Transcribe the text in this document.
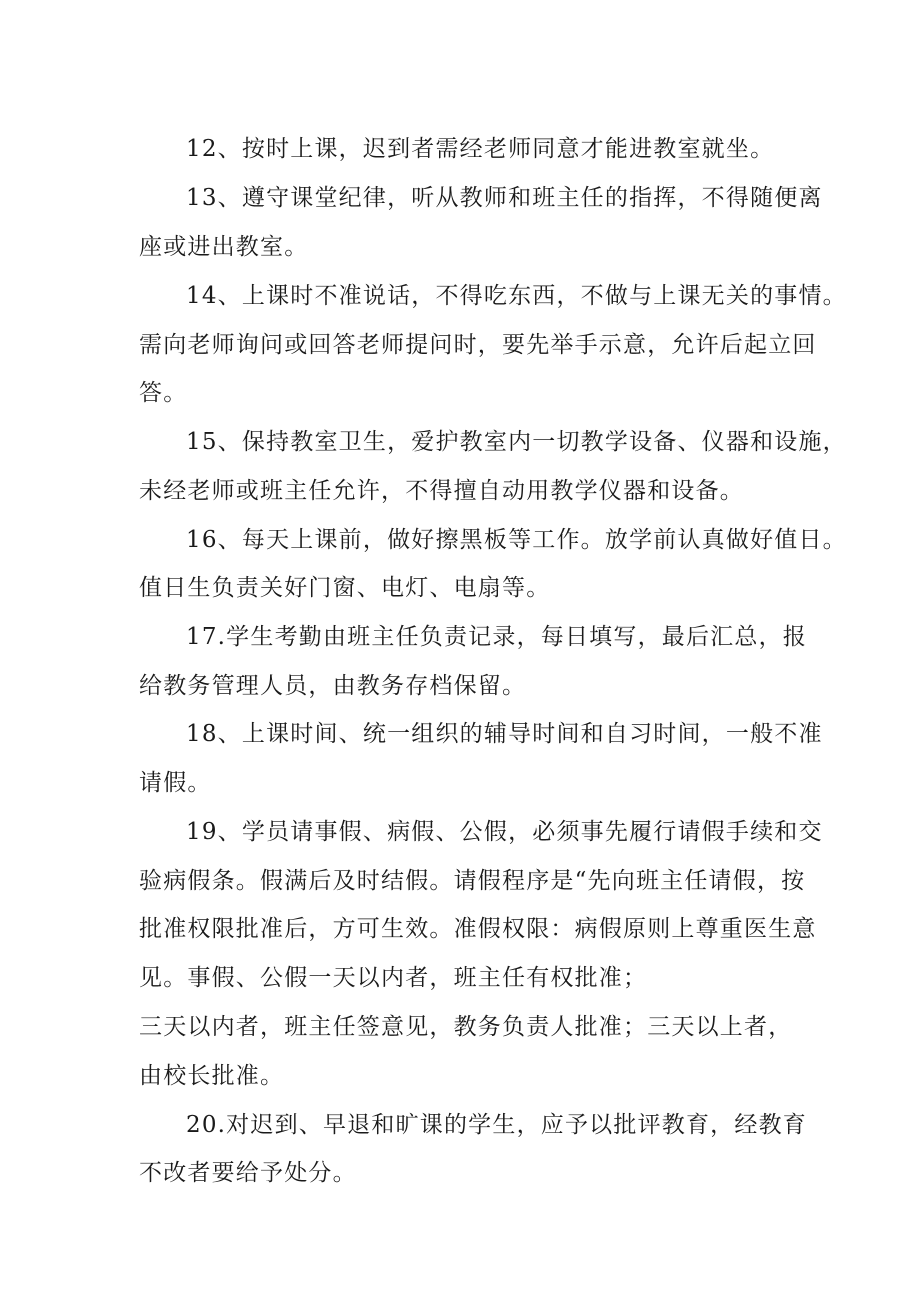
12、按时上课，迟到者需经老师同意才能进教室就坐。
13、遵守课堂纪律，听从教师和班主任的指挥，不得随便离
座或进出教室。
14、上课时不准说话，不得吃东西，不做与上课无关的事情。
需向老师询问或回答老师提问时，要先举手示意，允许后起立回
答。
15、保持教室卫生，爱护教室内一切教学设备、仪器和设施，
未经老师或班主任允许，不得擅自动用教学仪器和设备。
16、每天上课前，做好擦黑板等工作。放学前认真做好值日。
值日生负责关好门窗、电灯、电扇等。
17.学生考勤由班主任负责记录，每日填写，最后汇总，报
给教务管理人员，由教务存档保留。
18、上课时间、统一组织的辅导时间和自习时间，一般不准
请假。
19、学员请事假、病假、公假，必须事先履行请假手续和交
验病假条。假满后及时结假。请假程序是“先向班主任请假，按
批准权限批准后，方可生效。准假权限：病假原则上尊重医生意
见。事假、公假一天以内者，班主任有权批准；
三天以内者，班主任签意见，教务负责人批准；三天以上者，
由校长批准。
20.对迟到、早退和旷课的学生，应予以批评教育，经教育
不改者要给予处分。
